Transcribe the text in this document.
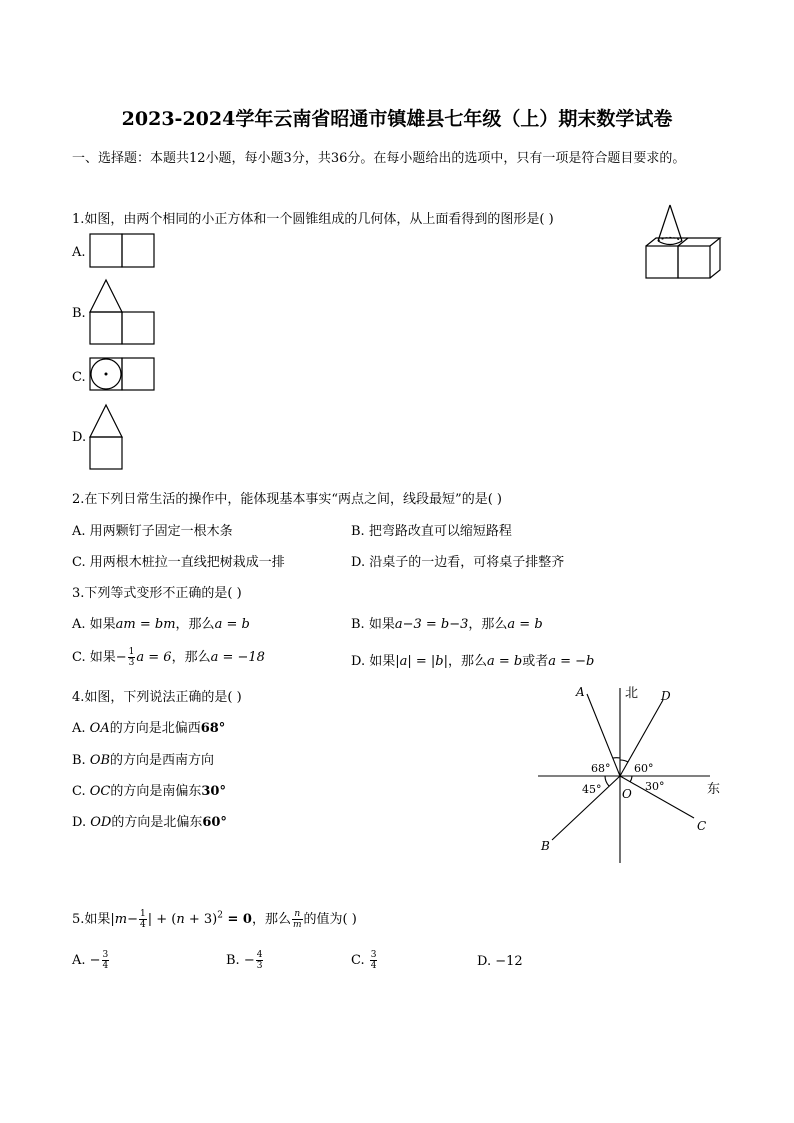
2023-2024学年云南省昭通市镇雄县七年级（上）期末数学试卷
一、选择题：本题共12小题，每小题3分，共36分。在每小题给出的选项中，只有一项是符合题目要求的。
1.如图，由两个相同的小正方体和一个圆锥组成的几何体，从上面看得到的图形是( )
A.
B.
C.
D.
2.在下列日常生活的操作中，能体现基本事实“两点之间，线段最短”的是( )
A. 用两颗钉子固定一根木条	B. 把弯路改直可以缩短路程
C. 用两根木桩拉一直线把树栽成一排	D. 沿桌子的一边看，可将桌子排整齐
3.下列等式变形不正确的是( )
A. 如果am = bm，那么a = b	B. 如果a−3 = b−3，那么a = b
C. 如果− $\frac{1}{3}$ a = 6，那么a = −18	D. 如果|a| = |b|，那么a = b或者a = −b
4.如图，下列说法正确的是( )
A. OA的方向是北偏西68°
B. OB的方向是西南方向
C. OC的方向是南偏东30°
D. OD的方向是北偏东60°
A	北 D
68° 60°
45° O
30°	东
C
B
5.如果$|m- \frac{1}{4}$ | + $(n + 3)^2 = 0$，那么 $\frac{n}{m}$ 的值为( )
A. − $\frac{3}{4}$	B. − $\frac{4}{3}$	C. $\frac{3}{4}$	D. −12
